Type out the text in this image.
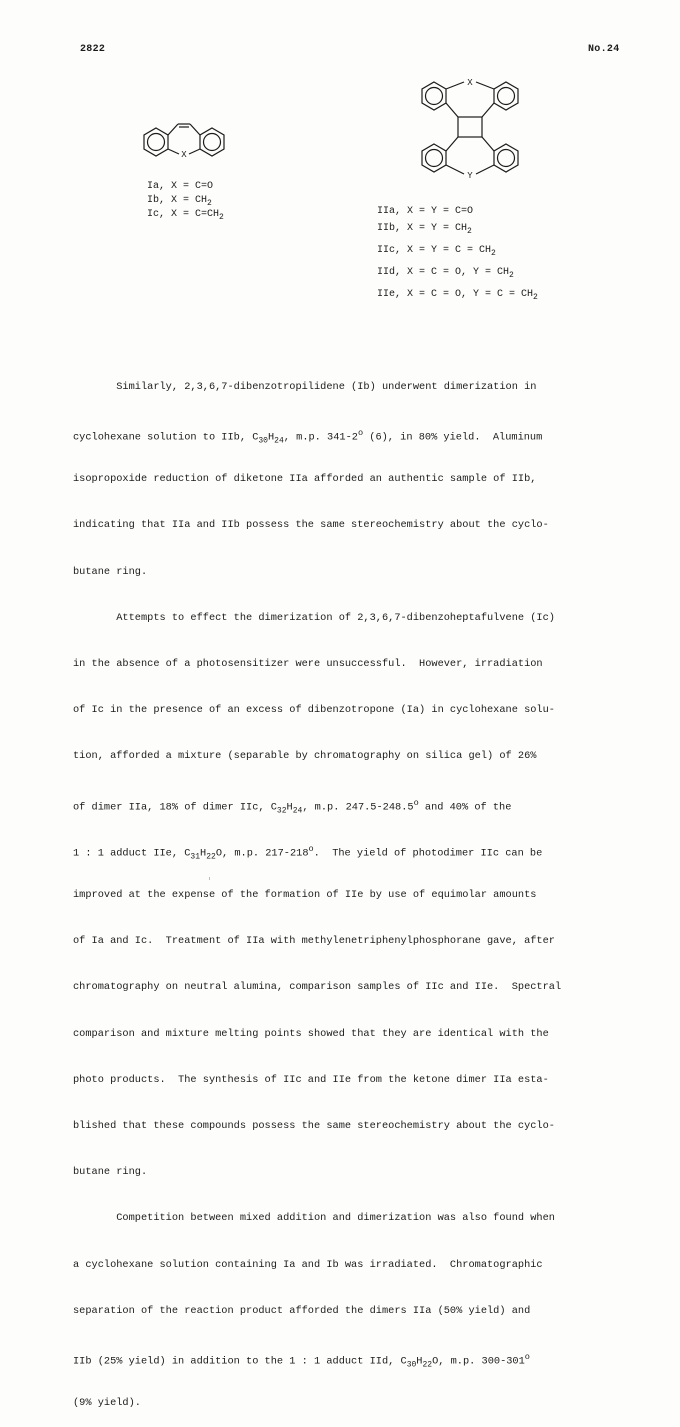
2822	No.24
X
Ia, X = C=O
Ib, $X = CH_2$
Ic, $X = C=CH_2$
X
Y
IIa, X = Y = C=O
IIb, $X = Y = CH_2$
IIc, $X = Y = C = CH_2$
IId, X = C = O, $Y = CH_2$
IIe, X = C = O, $Y = C = CH_2$

Similarly, 2,3,6,7-dibenzotropilidene (Ib) underwent dimerization in

cyclohexane solution to IIb, $C_{30}H_{24}$, m.p. 341-2$^o$ (6), in 80% yield.  Aluminum

isopropoxide reduction of diketone IIa afforded an authentic sample of IIb,

indicating that IIa and IIb possess the same stereochemistry about the cyclo-

butane ring.

Attempts to effect the dimerization of 2,3,6,7-dibenzoheptafulvene (Ic)

in the absence of a photosensitizer were unsuccessful.  However, irradiation

of Ic in the presence of an excess of dibenzotropone (Ia) in cyclohexane solu-

tion, afforded a mixture (separable by chromatography on silica gel) of 26%

of dimer IIa, 18% of dimer IIc, $C_{32}H_{24}$, m.p. 247.5-248.5$^o$ and 40% of the

1 : 1 adduct IIe, $C_{31}H_{22}O$, m.p. 217-218$^o$.  The yield of photodimer IIc can be

improved at the expense of the formation of IIe by use of equimolar amounts

of Ia and Ic.  Treatment of IIa with methylenetriphenylphosphorane gave, after

chromatography on neutral alumina, comparison samples of IIc and IIe.  Spectral

comparison and mixture melting points showed that they are identical with the

photo products.  The synthesis of IIc and IIe from the ketone dimer IIa esta-

blished that these compounds possess the same stereochemistry about the cyclo-

butane ring.

Competition between mixed addition and dimerization was also found when

a cyclohexane solution containing Ia and Ib was irradiated.  Chromatographic

separation of the reaction product afforded the dimers IIa (50% yield) and

IIb (25% yield) in addition to the 1 : 1 adduct IId, $C_{30}H_{22}O$, m.p. 300-301$^o$

(9% yield).
